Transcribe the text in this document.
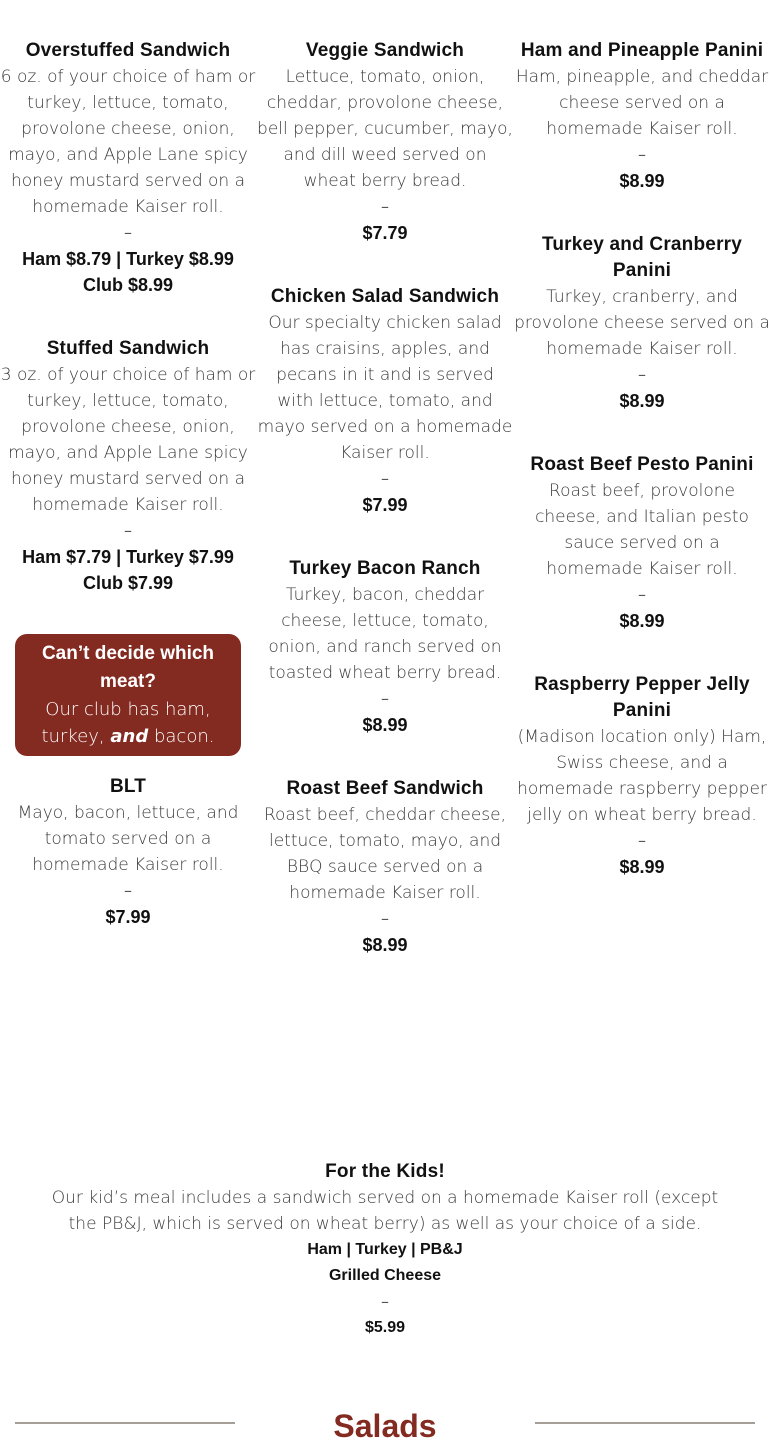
Overstuffed Sandwich
6 oz. of your choice of ham or turkey, lettuce, tomato, provolone cheese, onion, mayo, and Apple Lane spicy honey mustard served on a homemade Kaiser roll.
–
Ham $8.79 | Turkey $8.99 Club $8.99
Stuffed Sandwich
3 oz. of your choice of ham or turkey, lettuce, tomato, provolone cheese, onion, mayo, and Apple Lane spicy honey mustard served on a homemade Kaiser roll.
–
Ham $7.79 | Turkey $7.99 Club $7.99
Can’t decide which meat?
Our club has ham, turkey, and bacon.
BLT
Mayo, bacon, lettuce, and tomato served on a homemade Kaiser roll.
–
$7.99
Veggie Sandwich
Lettuce, tomato, onion, cheddar, provolone cheese, bell pepper, cucumber, mayo, and dill weed served on wheat berry bread.
–
$7.79
Chicken Salad Sandwich
Our specialty chicken salad has craisins, apples, and pecans in it and is served with lettuce, tomato, and mayo served on a homemade Kaiser roll.
–
$7.99
Turkey Bacon Ranch
Turkey, bacon, cheddar cheese, lettuce, tomato, onion, and ranch served on toasted wheat berry bread.
–
$8.99
Roast Beef Sandwich
Roast beef, cheddar cheese, lettuce, tomato, mayo, and BBQ sauce served on a homemade Kaiser roll.
–
$8.99
Ham and Pineapple Panini
Ham, pineapple, and cheddar cheese served on a homemade Kaiser roll.
–
$8.99
Turkey and Cranberry Panini
Turkey, cranberry, and provolone cheese served on a homemade Kaiser roll.
–
$8.99
Roast Beef Pesto Panini
Roast beef, provolone cheese, and Italian pesto sauce served on a homemade Kaiser roll.
–
$8.99
Raspberry Pepper Jelly Panini
(Madison location only) Ham, Swiss cheese, and a homemade raspberry pepper jelly on wheat berry bread.
–
$8.99
For the Kids!
Our kid’s meal includes a sandwich served on a homemade Kaiser roll (except the PB&J, which is served on wheat berry) as well as your choice of a side.
Ham | Turkey | PB&J
Grilled Cheese
–
$5.99
Salads
